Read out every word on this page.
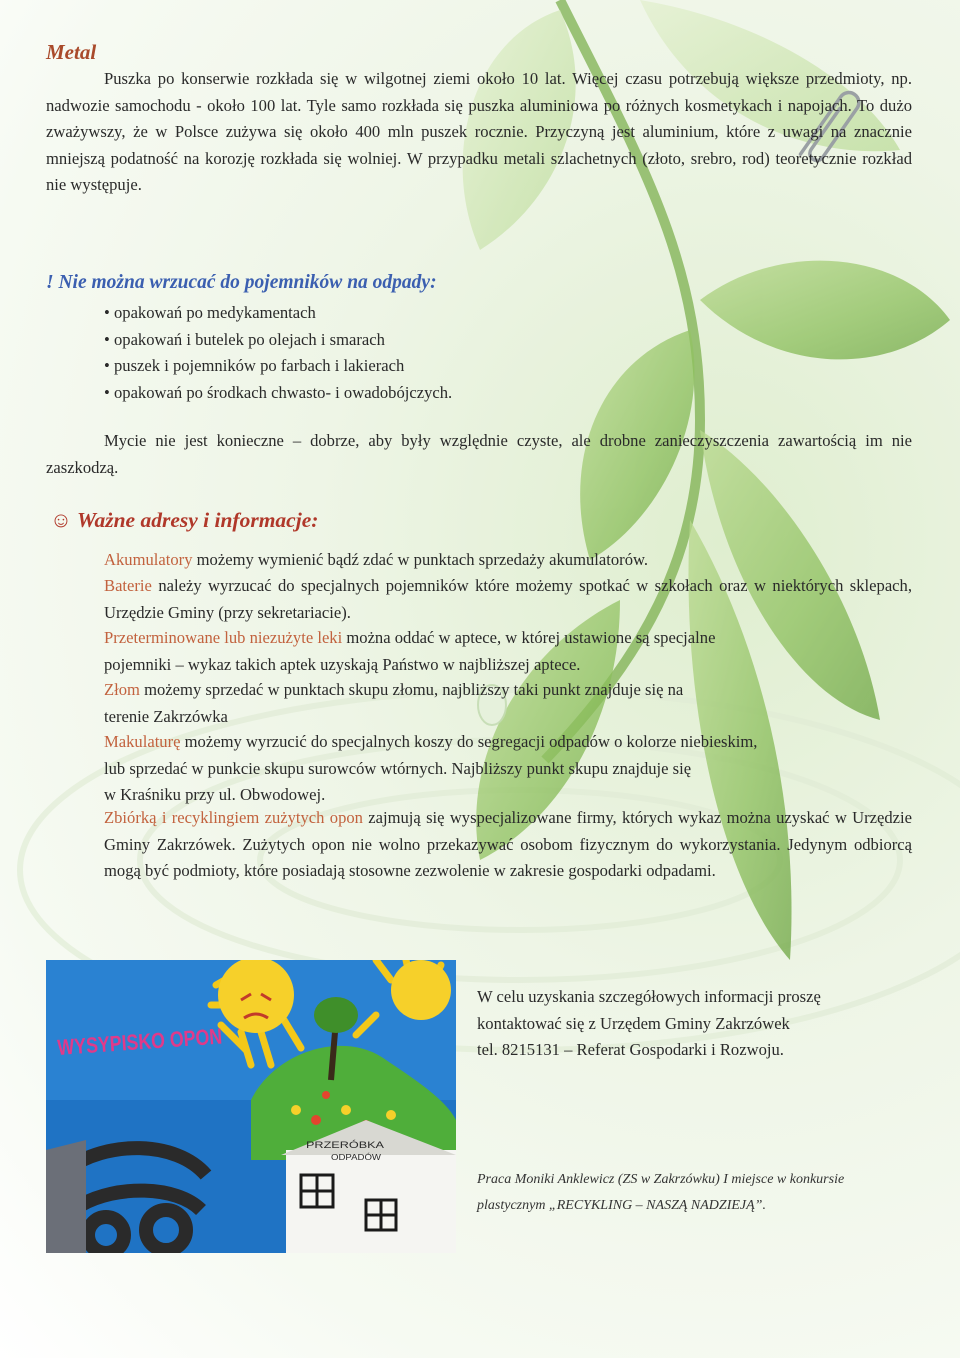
Metal

Puszka po konserwie rozkłada się w wilgotnej ziemi około 10 lat. Więcej czasu potrzebują większe przedmioty, np. nadwozie samochodu - około 100 lat. Tyle samo rozkłada się puszka aluminiowa po różnych kosmetykach i napojach. To dużo zważywszy, że w Polsce zużywa się około 400 mln puszek rocznie. Przyczyną jest aluminium, które z uwagi na znacznie mniejszą podatność na korozję rozkłada się wolniej. W przypadku metali szlachetnych (złoto, srebro, rod) teoretycznie rozkład nie występuje.

! Nie można wrzucać do pojemników na odpady:
• opakowań po medykamentach
• opakowań i butelek po olejach i smarach
• puszek i pojemników po farbach i lakierach
• opakowań po środkach chwasto- i owadobójczych.

Mycie nie jest konieczne – dobrze, aby były względnie czyste, ale drobne zanieczyszczenia zawartością im nie zaszkodzą.

☺ Ważne adresy i informacje:

Akumulatory możemy wymienić bądź zdać w punktach sprzedaży akumulatorów.

Baterie należy wyrzucać do specjalnych pojemników które możemy spotkać w szkołach oraz w niektórych sklepach, Urzędzie Gminy (przy sekretariacie).

Przeterminowane lub niezużyte leki można oddać w aptece, w której ustawione są specjalne
pojemniki – wykaz takich aptek uzyskają Państwo w najbliższej aptece.

Złom możemy sprzedać w punktach skupu złomu, najbliższy taki punkt znajduje się na
terenie Zakrzówka

Makulaturę możemy wyrzucić do specjalnych koszy do segregacji odpadów o kolorze niebieskim,
lub sprzedać w punkcie skupu surowców wtórnych. Najbliższy punkt skupu znajduje się
w Kraśniku przy ul. Obwodowej.

Zbiórką i recyklingiem zużytych opon zajmują się wyspecjalizowane firmy, których wykaz można uzyskać w Urzędzie Gminy Zakrzówek. Zużytych opon nie wolno przekazywać osobom fizycznym do wykorzystania. Jedynym odbiorcą mogą być podmioty, które posiadają stosowne zezwolenie w zakresie gospodarki odpadami.

WYSYPISKO OPON
PRZERÓBKA
ODPADÓW

W celu uzyskania szczegółowych informacji proszę
kontaktować się z Urzędem Gminy Zakrzówek
tel. 8215131 – Referat Gospodarki i Rozwoju.

Praca Moniki Anklewicz (ZS w Zakrzówku) I miejsce w konkursie
plastycznym „RECYKLING – NASZĄ NADZIEJĄ”.
